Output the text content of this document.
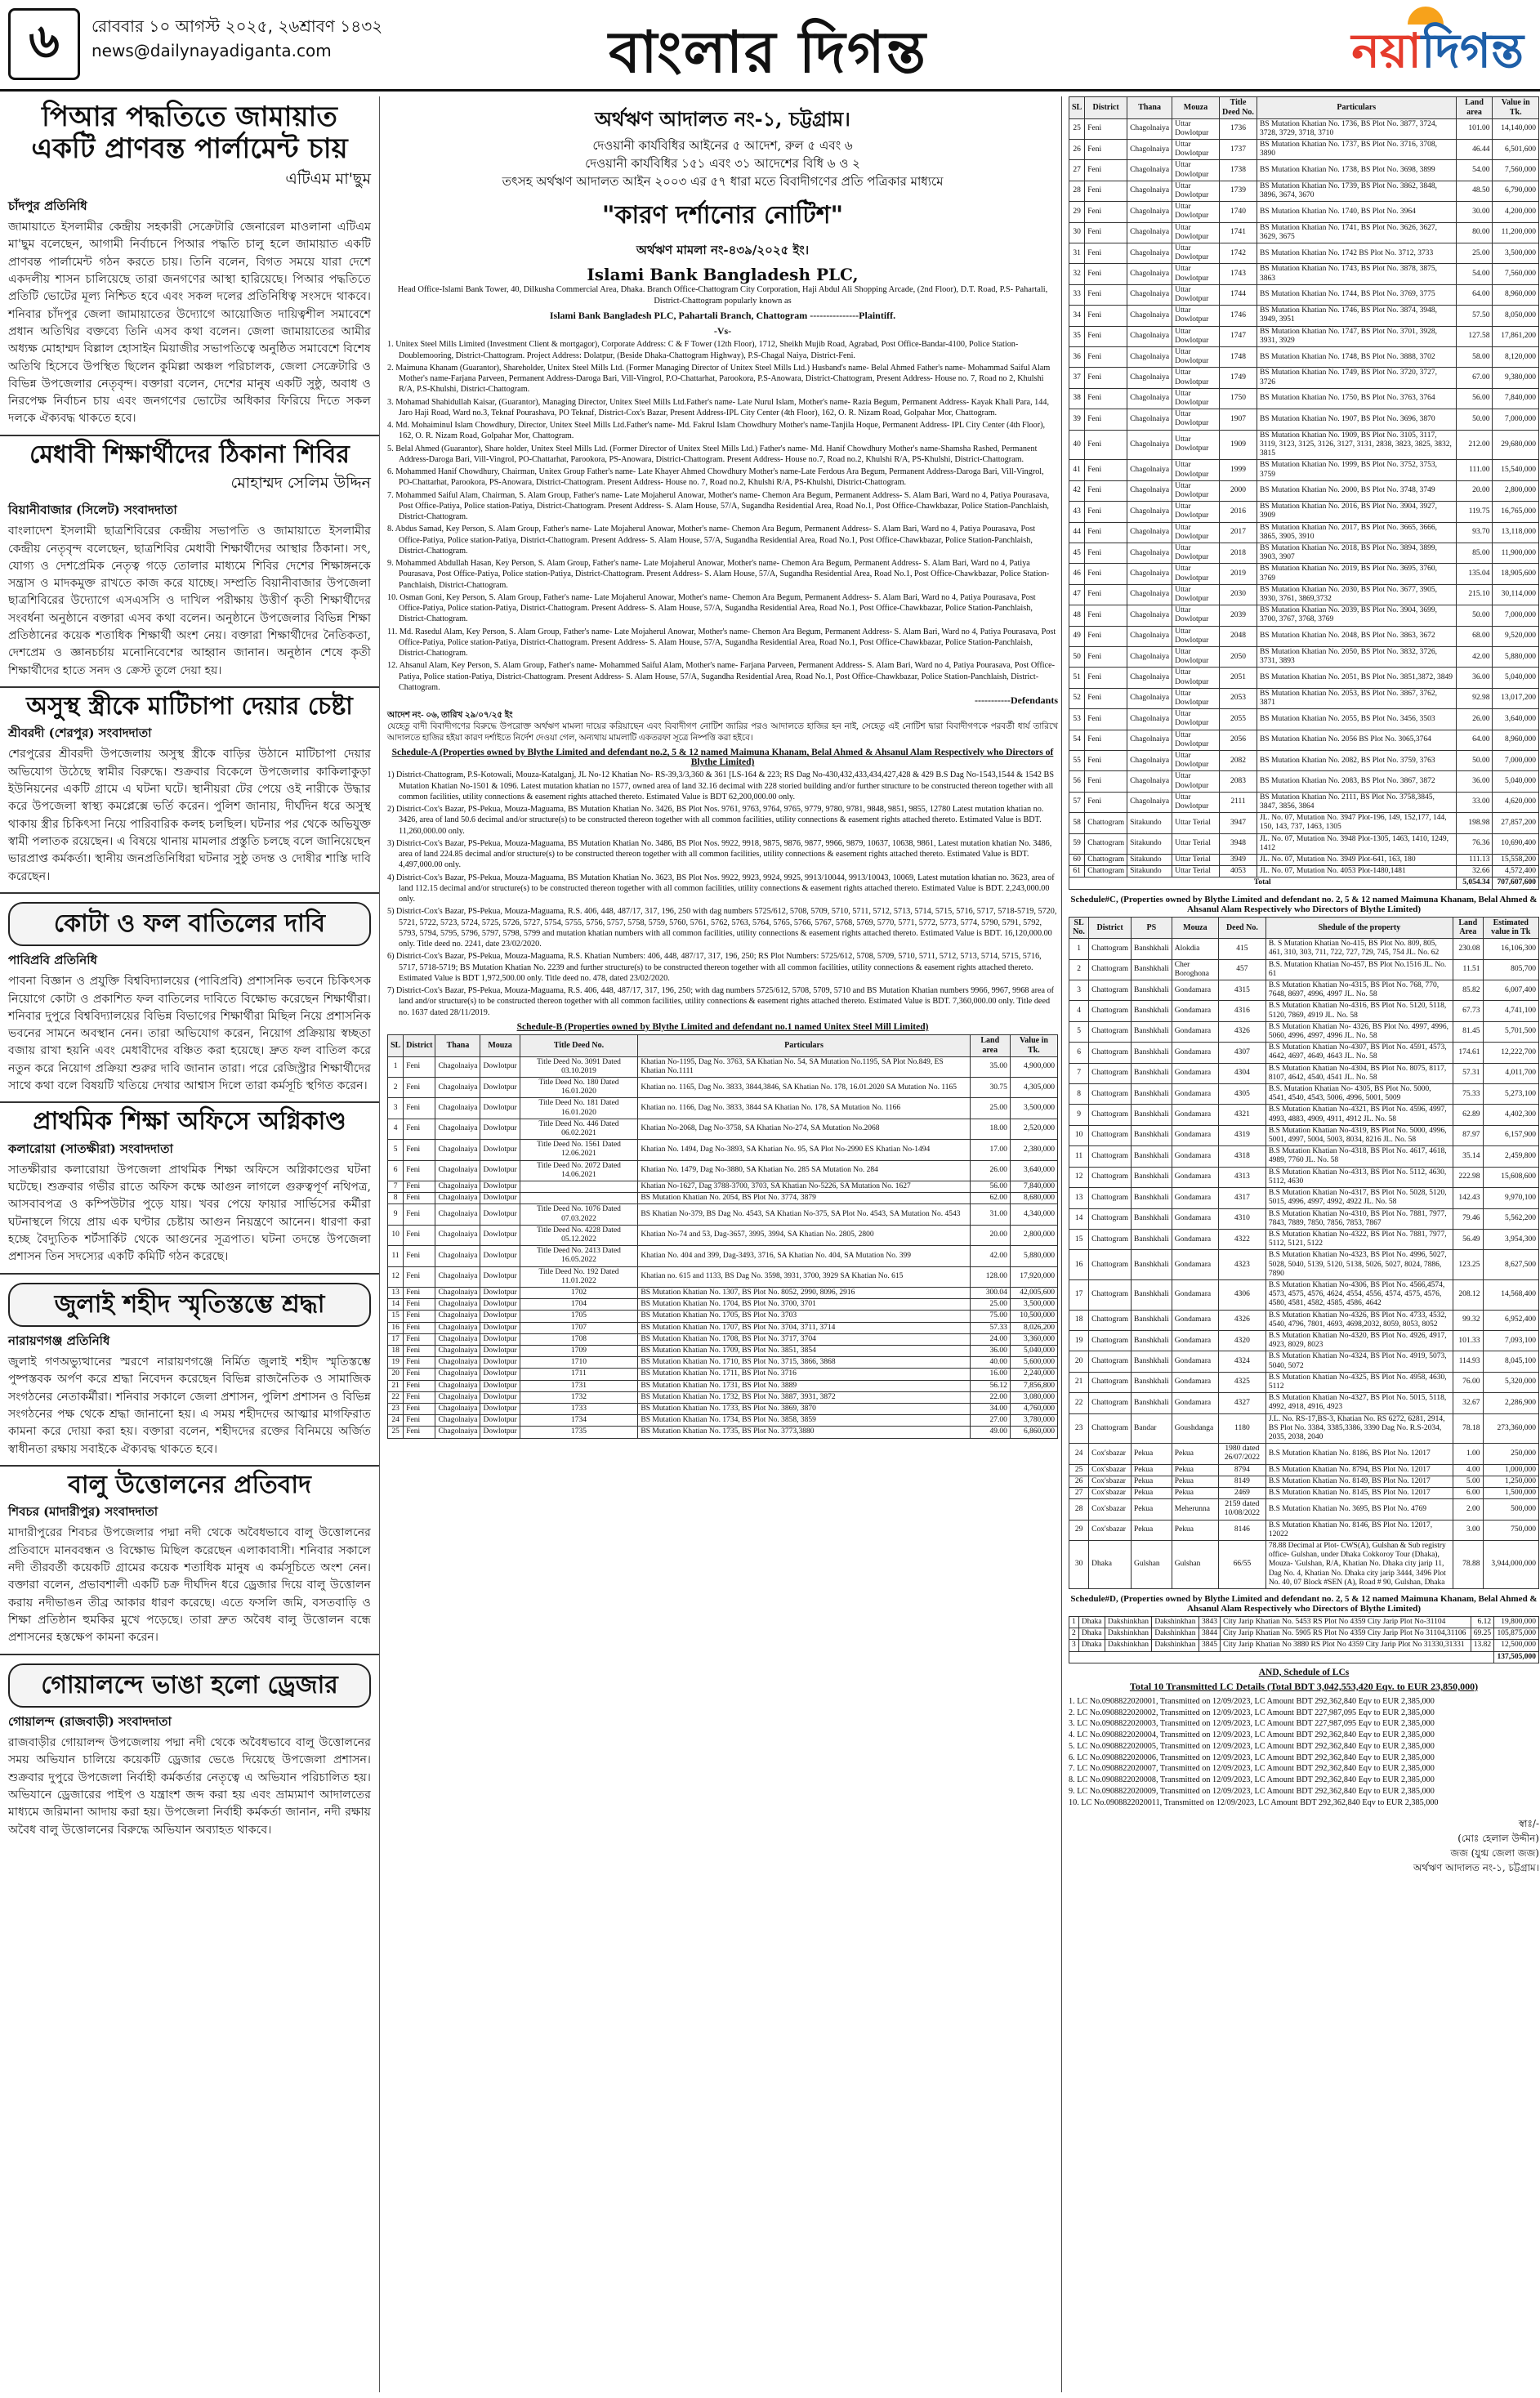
৬	রোববার ১০ আগস্ট ২০২৫, ২৬শ্রাবণ ১৪৩২
news@dailynayadiganta.com	বাংলার দিগন্ত	নয়াদিগন্ত
পিআর পদ্ধতিতে জামায়াত একটি প্রাণবন্ত পার্লামেন্ট চায়
এটিএম মা'ছুম
চাঁদপুর প্রতিনিধি
জামায়াতে ইসলামীর কেন্দ্রীয় সহকারী সেক্রেটারি জেনারেল মাওলানা এটিএম মা'ছুম বলেছেন, আগামী নির্বাচনে পিআর পদ্ধতি চালু হলে জামায়াত একটি প্রাণবন্ত পার্লামেন্ট গঠন করতে চায়। তিনি বলেন, বিগত সময়ে যারা দেশে একদলীয় শাসন চালিয়েছে তারা জনগণের আস্থা হারিয়েছে। পিআর পদ্ধতিতে প্রতিটি ভোটের মূল্য নিশ্চিত হবে এবং সকল দলের প্রতিনিধিত্ব সংসদে থাকবে। শনিবার চাঁদপুর জেলা জামায়াতের উদ্যোগে আয়োজিত দায়িত্বশীল সমাবেশে প্রধান অতিথির বক্তব্যে তিনি এসব কথা বলেন। জেলা জামায়াতের আমীর অধ্যক্ষ মোহাম্মদ বিল্লাল হোসাইন মিয়াজীর সভাপতিত্বে অনুষ্ঠিত সমাবেশে বিশেষ অতিথি হিসেবে উপস্থিত ছিলেন কুমিল্লা অঞ্চল পরিচালক, জেলা সেক্রেটারি ও বিভিন্ন উপজেলার নেতৃবৃন্দ। বক্তারা বলেন, দেশের মানুষ একটি সুষ্ঠু, অবাধ ও নিরপেক্ষ নির্বাচন চায় এবং জনগণের ভোটের অধিকার ফিরিয়ে দিতে সকল দলকে ঐক্যবদ্ধ থাকতে হবে।
মেধাবী শিক্ষার্থীদের ঠিকানা শিবির
মোহাম্মদ সেলিম উদ্দিন
বিয়ানীবাজার (সিলেট) সংবাদদাতা
বাংলাদেশ ইসলামী ছাত্রশিবিরের কেন্দ্রীয় সভাপতি ও জামায়াতে ইসলামীর কেন্দ্রীয় নেতৃবৃন্দ বলেছেন, ছাত্রশিবির মেধাবী শিক্ষার্থীদের আস্থার ঠিকানা। সৎ, যোগ্য ও দেশপ্রেমিক নেতৃত্ব গড়ে তোলার মাধ্যমে শিবির দেশের শিক্ষাঙ্গনকে সন্ত্রাস ও মাদকমুক্ত রাখতে কাজ করে যাচ্ছে। সম্প্রতি বিয়ানীবাজার উপজেলা ছাত্রশিবিরের উদ্যোগে এসএসসি ও দাখিল পরীক্ষায় উত্তীর্ণ কৃতী শিক্ষার্থীদের সংবর্ধনা অনুষ্ঠানে বক্তারা এসব কথা বলেন। অনুষ্ঠানে উপজেলার বিভিন্ন শিক্ষা প্রতিষ্ঠানের কয়েক শতাধিক শিক্ষার্থী অংশ নেয়। বক্তারা শিক্ষার্থীদের নৈতিকতা, দেশপ্রেম ও জ্ঞানচর্চায় মনোনিবেশের আহ্বান জানান। অনুষ্ঠান শেষে কৃতী শিক্ষার্থীদের হাতে সনদ ও ক্রেস্ট তুলে দেয়া হয়।
অসুস্থ স্ত্রীকে মাটিচাপা দেয়ার চেষ্টা
শ্রীবরদী (শেরপুর) সংবাদদাতা
শেরপুরের শ্রীবরদী উপজেলায় অসুস্থ স্ত্রীকে বাড়ির উঠানে মাটিচাপা দেয়ার অভিযোগ উঠেছে স্বামীর বিরুদ্ধে। শুক্রবার বিকেলে উপজেলার কাকিলাকুড়া ইউনিয়নের একটি গ্রামে এ ঘটনা ঘটে। স্থানীয়রা টের পেয়ে ওই নারীকে উদ্ধার করে উপজেলা স্বাস্থ্য কমপ্লেক্সে ভর্তি করেন। পুলিশ জানায়, দীর্ঘদিন ধরে অসুস্থ থাকায় স্ত্রীর চিকিৎসা নিয়ে পারিবারিক কলহ চলছিল। ঘটনার পর থেকে অভিযুক্ত স্বামী পলাতক রয়েছেন। এ বিষয়ে থানায় মামলার প্রস্তুতি চলছে বলে জানিয়েছেন ভারপ্রাপ্ত কর্মকর্তা। স্থানীয় জনপ্রতিনিধিরা ঘটনার সুষ্ঠু তদন্ত ও দোষীর শাস্তি দাবি করেছেন।
কোটা ও ফল বাতিলের দাবি
পাবিপ্রবি প্রতিনিধি
পাবনা বিজ্ঞান ও প্রযুক্তি বিশ্ববিদ্যালয়ের (পাবিপ্রবি) প্রশাসনিক ভবনে চিকিৎসক নিয়োগে কোটা ও প্রকাশিত ফল বাতিলের দাবিতে বিক্ষোভ করেছেন শিক্ষার্থীরা। শনিবার দুপুরে বিশ্ববিদ্যালয়ের বিভিন্ন বিভাগের শিক্ষার্থীরা মিছিল নিয়ে প্রশাসনিক ভবনের সামনে অবস্থান নেন। তারা অভিযোগ করেন, নিয়োগ প্রক্রিয়ায় স্বচ্ছতা বজায় রাখা হয়নি এবং মেধাবীদের বঞ্চিত করা হয়েছে। দ্রুত ফল বাতিল করে নতুন করে নিয়োগ প্রক্রিয়া শুরুর দাবি জানান তারা। পরে রেজিস্ট্রার শিক্ষার্থীদের সাথে কথা বলে বিষয়টি খতিয়ে দেখার আশ্বাস দিলে তারা কর্মসূচি স্থগিত করেন।
প্রাথমিক শিক্ষা অফিসে অগ্নিকাণ্ড
কলারোয়া (সাতক্ষীরা) সংবাদদাতা
সাতক্ষীরার কলারোয়া উপজেলা প্রাথমিক শিক্ষা অফিসে অগ্নিকাণ্ডের ঘটনা ঘটেছে। শুক্রবার গভীর রাতে অফিস কক্ষে আগুন লাগলে গুরুত্বপূর্ণ নথিপত্র, আসবাবপত্র ও কম্পিউটার পুড়ে যায়। খবর পেয়ে ফায়ার সার্ভিসের কর্মীরা ঘটনাস্থলে গিয়ে প্রায় এক ঘণ্টার চেষ্টায় আগুন নিয়ন্ত্রণে আনেন। ধারণা করা হচ্ছে বৈদ্যুতিক শর্টসার্কিট থেকে আগুনের সূত্রপাত। ঘটনা তদন্তে উপজেলা প্রশাসন তিন সদস্যের একটি কমিটি গঠন করেছে।
জুলাই শহীদ স্মৃতিস্তম্ভে শ্রদ্ধা
নারায়ণগঞ্জ প্রতিনিধি
জুলাই গণঅভ্যুত্থানের স্মরণে নারায়ণগঞ্জে নির্মিত জুলাই শহীদ স্মৃতিস্তম্ভে পুষ্পস্তবক অর্পণ করে শ্রদ্ধা নিবেদন করেছেন বিভিন্ন রাজনৈতিক ও সামাজিক সংগঠনের নেতাকর্মীরা। শনিবার সকালে জেলা প্রশাসন, পুলিশ প্রশাসন ও বিভিন্ন সংগঠনের পক্ষ থেকে শ্রদ্ধা জানানো হয়। এ সময় শহীদদের আত্মার মাগফিরাত কামনা করে দোয়া করা হয়। বক্তারা বলেন, শহীদদের রক্তের বিনিময়ে অর্জিত স্বাধীনতা রক্ষায় সবাইকে ঐক্যবদ্ধ থাকতে হবে।
বালু উত্তোলনের প্রতিবাদ
শিবচর (মাদারীপুর) সংবাদদাতা
মাদারীপুরের শিবচর উপজেলার পদ্মা নদী থেকে অবৈধভাবে বালু উত্তোলনের প্রতিবাদে মানববন্ধন ও বিক্ষোভ মিছিল করেছেন এলাকাবাসী। শনিবার সকালে নদী তীরবর্তী কয়েকটি গ্রামের কয়েক শতাধিক মানুষ এ কর্মসূচিতে অংশ নেন। বক্তারা বলেন, প্রভাবশালী একটি চক্র দীর্ঘদিন ধরে ড্রেজার দিয়ে বালু উত্তোলন করায় নদীভাঙন তীব্র আকার ধারণ করেছে। এতে ফসলি জমি, বসতবাড়ি ও শিক্ষা প্রতিষ্ঠান হুমকির মুখে পড়েছে। তারা দ্রুত অবৈধ বালু উত্তোলন বন্ধে প্রশাসনের হস্তক্ষেপ কামনা করেন।
গোয়ালন্দে ভাঙা হলো ড্রেজার
গোয়ালন্দ (রাজবাড়ী) সংবাদদাতা
রাজবাড়ীর গোয়ালন্দ উপজেলায় পদ্মা নদী থেকে অবৈধভাবে বালু উত্তোলনের সময় অভিযান চালিয়ে কয়েকটি ড্রেজার ভেঙে দিয়েছে উপজেলা প্রশাসন। শুক্রবার দুপুরে উপজেলা নির্বাহী কর্মকর্তার নেতৃত্বে এ অভিযান পরিচালিত হয়। অভিযানে ড্রেজারের পাইপ ও যন্ত্রাংশ জব্দ করা হয় এবং ভ্রাম্যমাণ আদালতের মাধ্যমে জরিমানা আদায় করা হয়। উপজেলা নির্বাহী কর্মকর্তা জানান, নদী রক্ষায় অবৈধ বালু উত্তোলনের বিরুদ্ধে অভিযান অব্যাহত থাকবে।
অর্থঋণ আদালত নং-১, চট্টগ্রাম।
দেওয়ানী কার্যবিধির আইনের ৫ আদেশ, রুল ৫ এবং ৬
দেওয়ানী কার্যবিধির ১৫১ এবং ৩১ আদেশের বিধি ৬ ও ২
তৎসহ অর্থঋণ আদালত আইন ২০০৩ এর ৫৭ ধারা মতে বিবাদীগণের প্রতি পত্রিকার মাধ্যমে
"কারণ দর্শানোর নোটিশ"
অর্থঋণ মামলা নং-৪৩৯/২০২৫ ইং।
Islami Bank Bangladesh PLC,
Head Office-Islami Bank Tower, 40, Dilkusha Commercial Area, Dhaka. Branch Office-Chattogram City Corporation, Haji Abdul Ali Shopping Arcade, (2nd Floor), D.T. Road, P.S- Pahartali, District-Chattogram popularly known as
Islami Bank Bangladesh PLC, Pahartali Branch, Chattogram ---------------Plaintiff.
-Vs-
1. Unitex Steel Mills Limited (Investment Client & mortgagor), Corporate Address: C & F Tower (12th Floor), 1712, Sheikh Mujib Road, Agrabad, Post Office-Bandar-4100, Police Station-Doublemooring, District-Chattogram. Project Address: Dolatpur, (Beside Dhaka-Chattogram Highway), P.S-Chagal Naiya, District-Feni.
2. Maimuna Khanam (Guarantor), Shareholder, Unitex Steel Mills Ltd. (Former Managing Director of Unitex Steel Mills Ltd.) Husband's name- Belal Ahmed Father's name- Mohammad Saiful Alam Mother's name-Farjana Parveen, Permanent Address-Daroga Bari, Vill-Vingrol, P.O-Chattarhat, Parookora, P.S-Anowara, District-Chattogram, Present Address- House no. 7, Road no 2, Khulshi R/A, P.S-Khulshi, District-Chattogram.
3. Mohamad Shahidullah Kaisar, (Guarantor), Managing Director, Unitex Steel Mills Ltd.Father's name- Late Nurul Islam, Mother's name- Razia Begum, Permanent Address- Kayak Khali Para, 144, Jaro Haji Road, Ward no.3, Teknaf Pourashava, PO Teknaf, District-Cox's Bazar, Present Address-IPL City Center (4th Floor), 162, O. R. Nizam Road, Golpahar Mor, Chattogram.
4. Md. Mohaiminul Islam Chowdhury, Director, Unitex Steel Mills Ltd.Father's name- Md. Fakrul Islam Chowdhury Mother's name-Tanjila Hoque, Permanent Address- IPL City Center (4th Floor), 162, O. R. Nizam Road, Golpahar Mor, Chattogram.
5. Belal Ahmed (Guarantor), Share holder, Unitex Steel Mills Ltd. (Former Director of Unitex Steel Mills Ltd.) Father's name- Md. Hanif Chowdhury Mother's name-Shamsha Rashed, Permanent Address-Daroga Bari, Vill-Vingrol, PO-Chattarhat, Parookora, PS-Anowara, District-Chattogram. Present Address- House no.7, Road no.2, Khulshi R/A, PS-Khulshi, District-Chattogram.
6. Mohammed Hanif Chowdhury, Chairman, Unitex Group Father's name- Late Khayer Ahmed Chowdhury Mother's name-Late Ferdous Ara Begum, Permanent Address-Daroga Bari, Vill-Vingrol, PO-Chattarhat, Parookora, PS-Anowara, District-Chattogram. Present Address- House no. 7, Road no.2, Khulshi R/A, PS-Khulshi, District-Chattogram.
7. Mohammed Saiful Alam, Chairman, S. Alam Group, Father's name- Late Mojaherul Anowar, Mother's name- Chemon Ara Begum, Permanent Address- S. Alam Bari, Ward no 4, Patiya Pourasava, Post Office-Patiya, Police station-Patiya, District-Chattogram. Present Address- S. Alam House, 57/A, Sugandha Residential Area, Road No.1, Post Office-Chawkbazar, Police Station-Panchlaish, District-Chattogram.
8. Abdus Samad, Key Person, S. Alam Group, Father's name- Late Mojaherul Anowar, Mother's name- Chemon Ara Begum, Permanent Address- S. Alam Bari, Ward no 4, Patiya Pourasava, Post Office-Patiya, Police station-Patiya, District-Chattogram. Present Address- S. Alam House, 57/A, Sugandha Residential Area, Road No.1, Post Office-Chawkbazar, Police Station-Panchlaish, District-Chattogram.
9. Mohammed Abdullah Hasan, Key Person, S. Alam Group, Father's name- Late Mojaherul Anowar, Mother's name- Chemon Ara Begum, Permanent Address- S. Alam Bari, Ward no 4, Patiya Pourasava, Post Office-Patiya, Police station-Patiya, District-Chattogram. Present Address- S. Alam House, 57/A, Sugandha Residential Area, Road No.1, Post Office-Chawkbazar, Police Station-Panchlaish, District-Chattogram.
10. Osman Goni, Key Person, S. Alam Group, Father's name- Late Mojaherul Anowar, Mother's name- Chemon Ara Begum, Permanent Address- S. Alam Bari, Ward no 4, Patiya Pourasava, Post Office-Patiya, Police station-Patiya, District-Chattogram. Present Address- S. Alam House, 57/A, Sugandha Residential Area, Road No.1, Post Office-Chawkbazar, Police Station-Panchlaish, District-Chattogram.
11. Md. Rasedul Alam, Key Person, S. Alam Group, Father's name- Late Mojaherul Anowar, Mother's name- Chemon Ara Begum, Permanent Address- S. Alam Bari, Ward no 4, Patiya Pourasava, Post Office-Patiya, Police station-Patiya, District-Chattogram. Present Address- S. Alam House, 57/A, Sugandha Residential Area, Road No.1, Post Office-Chawkbazar, Police Station-Panchlaish, District-Chattogram.
12. Ahsanul Alam, Key Person, S. Alam Group, Father's name- Mohammed Saiful Alam, Mother's name- Farjana Parveen, Permanent Address- S. Alam Bari, Ward no 4, Patiya Pourasava, Post Office-Patiya, Police station-Patiya, District-Chattogram. Present Address- S. Alam House, 57/A, Sugandha Residential Area, Road No.1, Post Office-Chawkbazar, Police Station-Panchlaish, District-Chattogram.
-----------Defendants
আদেশ নং- ০৬, তারিখ ২৯/০৭/২৫ ইং
যেহেতু বাদী বিবাদীগণের বিরুদ্ধে উপরোক্ত অর্থঋণ মামলা দায়ের করিয়াছেন এবং বিবাদীগণ নোটিশ জারির পরও আদালতে হাজির হন নাই, সেহেতু এই নোটিশ দ্বারা বিবাদীগণকে পরবর্তী ধার্য তারিখে আদালতে হাজির হইয়া কারণ দর্শাইতে নির্দেশ দেওয়া গেল, অন্যথায় মামলাটি একতরফা সূত্রে নিষ্পত্তি করা হইবে।
Schedule-A (Properties owned by Blythe Limited and defendant no.2, 5 & 12 named Maimuna Khanam, Belal Ahmed & Ahsanul Alam Respectively who Directors of Blythe Limited)
1) District-Chattogram, P.S-Kotowali, Mouza-Katalganj, JL No-12 Khatian No- RS-39,3/3,360 & 361 [LS-164 & 223; RS Dag No-430,432,433,434,427,428 & 429 B.S Dag No-1543,1544 & 1542 BS Mutation Khatian No-1501 & 1096. Latest mutation khatian no 1577, owned area of land 32.16 decimal with 228 storied building and/or further structure to be constructed thereon together with all common facilities, utility connections & easement rights attached thereto. Estimated Value is BDT 62,200,000.00 only.
2) District-Cox's Bazar, PS-Pekua, Mouza-Maguama, BS Mutation Khatian No. 3426, BS Plot Nos. 9761, 9763, 9764, 9765, 9779, 9780, 9781, 9848, 9851, 9855, 12780 Latest mutation khatian no. 3426, area of land 50.6 decimal and/or structure(s) to be constructed thereon together with all common facilities, utility connections & easement rights attached thereto. Estimated Value is BDT. 11,260,000.00 only.
3) District-Cox's Bazar, PS-Pekua, Mouza-Maguama, BS Mutation Khatian No. 3486, BS Plot Nos. 9922, 9918, 9875, 9876, 9877, 9966, 9879, 10637, 10638, 9861, Latest mutation khatian No. 3486, area of land 224.85 decimal and/or structure(s) to be constructed thereon together with all common facilities, utility connections & easement rights attached thereto. Estimated Value is BDT. 4,497,000.00 only.
4) District-Cox's Bazar, PS-Pekua, Mouza-Maguama, BS Mutation Khatian No. 3623, BS Plot Nos. 9922, 9923, 9924, 9925, 9913/10044, 9913/10043, 10069, Latest mutation khatian no. 3623, area of land 112.15 decimal and/or structure(s) to be constructed thereon together with all common facilities, utility connections & easement rights attached thereto. Estimated Value is BDT. 2,243,000.00 only.
5) District-Cox's Bazar, PS-Pekua, Mouza-Maguama, R.S. 406, 448, 487/17, 317, 196, 250 with dag numbers 5725/612, 5708, 5709, 5710, 5711, 5712, 5713, 5714, 5715, 5716, 5717, 5718-5719, 5720, 5721, 5722, 5723, 5724, 5725, 5726, 5727, 5754, 5755, 5756, 5757, 5758, 5759, 5760, 5761, 5762, 5763, 5764, 5765, 5766, 5767, 5768, 5769, 5770, 5771, 5772, 5773, 5774, 5790, 5791, 5792, 5793, 5794, 5795, 5796, 5797, 5798, 5799 and mutation khatian numbers with all common facilities, utility connections & easement rights attached thereto. Estimated Value is BDT. 16,120,000.00 only. Title deed no. 2241, date 23/02/2020.
6) District-Cox's Bazar, PS-Pekua, Mouza-Maguama, R.S. Khatian Numbers: 406, 448, 487/17, 317, 196, 250; RS Plot Numbers: 5725/612, 5708, 5709, 5710, 5711, 5712, 5713, 5714, 5715, 5716, 5717, 5718-5719; BS Mutation Khatian No. 2239 and further structure(s) to be constructed thereon together with all common facilities, utility connections & easement rights attached thereto. Estimated Value is BDT 1,972,500.00 only. Title deed no. 478, dated 23/02/2020.
7) District-Cox's Bazar, PS-Pekua, Mouza-Maguama, R.S. 406, 448, 487/17, 317, 196, 250; with dag numbers 5725/612, 5708, 5709, 5710 and BS Mutation Khatian numbers 9966, 9967, 9968 area of land and/or structure(s) to be constructed thereon together with all common facilities, utility connections & easement rights attached thereto. Estimated Value is BDT. 7,360,000.00 only. Title deed no. 1637 dated 28/11/2019.
Schedule-B (Properties owned by Blythe Limited and defendant no.1 named Unitex Steel Mill Limited)
SL	District	Thana	Mouza	Title Deed No.	Particulars	Land area	Value in Tk.
1	Feni	Chagolnaiya	Dowlotpur	Title Deed No. 3091 Dated 03.10.2019	Khatian No-1195, Dag No. 3763, SA Khatian No. 54, SA Mutation No.1195, SA Plot No.849, ES Khatian No.1111	35.00	4,900,000
2	Feni	Chagolnaiya	Dowlotpur	Title Deed No. 180 Dated 16.01.2020	Khatian no. 1165, Dag No. 3833, 3844,3846, SA Khatian No. 178, 16.01.2020 SA Mutation No. 1165	30.75	4,305,000
3	Feni	Chagolnaiya	Dowlotpur	Title Deed No. 181 Dated 16.01.2020	Khatian no. 1166, Dag No. 3833, 3844 SA Khatian No. 178, SA Mutation No. 1166	25.00	3,500,000
4	Feni	Chagolnaiya	Dowlotpur	Title Deed No. 446 Dated 06.02.2021	Khatian No-2068, Dag No-3758, SA Khatian No-274, SA Mutation No.2068	18.00	2,520,000
5	Feni	Chagolnaiya	Dowlotpur	Title Deed No. 1561 Dated 12.06.2021	Khatian No. 1494, Dag No-3893, SA Khatian No. 95, SA Plot No-2990 ES Khatian No-1494	17.00	2,380,000
6	Feni	Chagolnaiya	Dowlotpur	Title Deed No. 2072 Dated 14.06.2021	Khatian No. 1479, Dag No-3880, SA Khatian No. 285 SA Mutation No. 284	26.00	3,640,000
7	Feni	Chagolnaiya	Dowlotpur		Khatian No-1627, Dag 3788-3700, 3703, SA Khatian No-5226, SA Mutation No. 1627	56.00	7,840,000
8	Feni	Chagolnaiya	Dowlotpur		BS Mutation Khatian No. 2054, BS Plot No. 3774, 3879	62.00	8,680,000
9	Feni	Chagolnaiya	Dowlotpur	Title Deed No. 1076 Dated 07.03.2022	BS Khatian No-379, BS Dag No. 4543, SA Khatian No-375, SA Plot No. 4543, SA Mutation No. 4543	31.00	4,340,000
10	Feni	Chagolnaiya	Dowlotpur	Title Deed No. 4228 Dated 05.12.2022	Khatian No-74 and 53, Dag-3657, 3995, 3994, SA Khatian No. 2805, 2800	20.00	2,800,000
11	Feni	Chagolnaiya	Dowlotpur	Title Deed No. 2413 Dated 16.05.2022	Khatian No. 404 and 399, Dag-3493, 3716, SA Khatian No. 404, SA Mutation No. 399	42.00	5,880,000
12	Feni	Chagolnaiya	Dowlotpur	Title Deed No. 192 Dated 11.01.2022	Khatian no. 615 and 1133, BS Dag No. 3598, 3931, 3700, 3929 SA Khatian No. 615	128.00	17,920,000
13	Feni	Chagolnaiya	Dowlotpur	1702	BS Mutation Khatian No. 1307, BS Plot No. 8052, 2990, 8096, 2916	300.04	42,005,600
14	Feni	Chagolnaiya	Dowlotpur	1704	BS Mutation Khatian No. 1704, BS Plot No. 3700, 3701	25.00	3,500,000
15	Feni	Chagolnaiya	Dowlotpur	1705	BS Mutation Khatian No. 1705, BS Plot No. 3703	75.00	10,500,000
16	Feni	Chagolnaiya	Dowlotpur	1707	BS Mutation Khatian No. 1707, BS Plot No. 3704, 3711, 3714	57.33	8,026,200
17	Feni	Chagolnaiya	Dowlotpur	1708	BS Mutation Khatian No. 1708, BS Plot No. 3717, 3704	24.00	3,360,000
18	Feni	Chagolnaiya	Dowlotpur	1709	BS Mutation Khatian No. 1709, BS Plot No. 3851, 3854	36.00	5,040,000
19	Feni	Chagolnaiya	Dowlotpur	1710	BS Mutation Khatian No. 1710, BS Plot No. 3715, 3866, 3868	40.00	5,600,000
20	Feni	Chagolnaiya	Dowlotpur	1711	BS Mutation Khatian No. 1711, BS Plot No. 3716	16.00	2,240,000
21	Feni	Chagolnaiya	Dowlotpur	1731	BS Mutation Khatian No. 1731, BS Plot No. 3889	56.12	7,856,800
22	Feni	Chagolnaiya	Dowlotpur	1732	BS Mutation Khatian No. 1732, BS Plot No. 3887, 3931, 3872	22.00	3,080,000
23	Feni	Chagolnaiya	Dowlotpur	1733	BS Mutation Khatian No. 1733, BS Plot No. 3869, 3870	34.00	4,760,000
24	Feni	Chagolnaiya	Dowlotpur	1734	BS Mutation Khatian No. 1734, BS Plot No. 3858, 3859	27.00	3,780,000
25	Feni	Chagolnaiya	Dowlotpur	1735	BS Mutation Khatian No. 1735, BS Plot No. 3773,3880	49.00	6,860,000
SL	District	Thana	Mouza	Title Deed No.	Particulars	Land area	Value in Tk.
25	Feni	Chagolnaiya	Uttar Dowlotpur	1736	BS Mutation Khatian No. 1736, BS Plot No. 3877, 3724, 3728, 3729, 3718, 3710	101.00	14,140,000
26	Feni	Chagolnaiya	Uttar Dowlotpur	1737	BS Mutation Khatian No. 1737, BS Plot No. 3716, 3708, 3890	46.44	6,501,600
27	Feni	Chagolnaiya	Uttar Dowlotpur	1738	BS Mutation Khatian No. 1738, BS Plot No. 3698, 3899	54.00	7,560,000
28	Feni	Chagolnaiya	Uttar Dowlotpur	1739	BS Mutation Khatian No. 1739, BS Plot No. 3862, 3848, 3896, 3674, 3670	48.50	6,790,000
29	Feni	Chagolnaiya	Uttar Dowlotpur	1740	BS Mutation Khatian No. 1740, BS Plot No. 3964	30.00	4,200,000
30	Feni	Chagolnaiya	Uttar Dowlotpur	1741	BS Mutation Khatian No. 1741, BS Plot No. 3626, 3627, 3629, 3675	80.00	11,200,000
31	Feni	Chagolnaiya	Uttar Dowlotpur	1742	BS Mutation Khatian No. 1742 BS Plot No. 3712, 3733	25.00	3,500,000
32	Feni	Chagolnaiya	Uttar Dowlotpur	1743	BS Mutation Khatian No. 1743, BS Plot No. 3878, 3875, 3863	54.00	7,560,000
33	Feni	Chagolnaiya	Uttar Dowlotpur	1744	BS Mutation Khatian No. 1744, BS Plot No. 3769, 3775	64.00	8,960,000
34	Feni	Chagolnaiya	Uttar Dowlotpur	1746	BS Mutation Khatian No. 1746, BS Plot No. 3874, 3948, 3949, 3951	57.50	8,050,000
35	Feni	Chagolnaiya	Uttar Dowlotpur	1747	BS Mutation Khatian No. 1747, BS Plot No. 3701, 3928, 3931, 3929	127.58	17,861,200
36	Feni	Chagolnaiya	Uttar Dowlotpur	1748	BS Mutation Khatian No. 1748, BS Plot No. 3888, 3702	58.00	8,120,000
37	Feni	Chagolnaiya	Uttar Dowlotpur	1749	BS Mutation Khatian No. 1749, BS Plot No. 3720, 3727, 3726	67.00	9,380,000
38	Feni	Chagolnaiya	Uttar Dowlotpur	1750	BS Mutation Khatian No. 1750, BS Plot No. 3763, 3764	56.00	7,840,000
39	Feni	Chagolnaiya	Uttar Dowlotpur	1907	BS Mutation Khatian No. 1907, BS Plot No. 3696, 3870	50.00	7,000,000
40	Feni	Chagolnaiya	Uttar Dowlotpur	1909	BS Mutation Khatian No. 1909, BS Plot No. 3105, 3117, 3119, 3123, 3125, 3126, 3127, 3131, 2838, 3823, 3825, 3832, 3815	212.00	29,680,000
41	Feni	Chagolnaiya	Uttar Dowlotpur	1999	BS Mutation Khatian No. 1999, BS Plot No. 3752, 3753, 3759	111.00	15,540,000
42	Feni	Chagolnaiya	Uttar Dowlotpur	2000	BS Mutation Khatian No. 2000, BS Plot No. 3748, 3749	20.00	2,800,000
43	Feni	Chagolnaiya	Uttar Dowlotpur	2016	BS Mutation Khatian No. 2016, BS Plot No. 3904, 3927, 3909	119.75	16,765,000
44	Feni	Chagolnaiya	Uttar Dowlotpur	2017	BS Mutation Khatian No. 2017, BS Plot No. 3665, 3666, 3865, 3905, 3910	93.70	13,118,000
45	Feni	Chagolnaiya	Uttar Dowlotpur	2018	BS Mutation Khatian No. 2018, BS Plot No. 3894, 3899, 3903, 3907	85.00	11,900,000
46	Feni	Chagolnaiya	Uttar Dowlotpur	2019	BS Mutation Khatian No. 2019, BS Plot No. 3695, 3760, 3769	135.04	18,905,600
47	Feni	Chagolnaiya	Uttar Dowlotpur	2030	BS Mutation Khatian No. 2030, BS Plot No. 3677, 3905, 3930, 3761, 3869,3732	215.10	30,114,000
48	Feni	Chagolnaiya	Uttar Dowlotpur	2039	BS Mutation Khatian No. 2039, BS Plot No. 3904, 3699, 3700, 3767, 3768, 3769	50.00	7,000,000
49	Feni	Chagolnaiya	Uttar Dowlotpur	2048	BS Mutation Khatian No. 2048, BS Plot No. 3863, 3672	68.00	9,520,000
50	Feni	Chagolnaiya	Uttar Dowlotpur	2050	BS Mutation Khatian No. 2050, BS Plot No. 3832, 3726, 3731, 3893	42.00	5,880,000
51	Feni	Chagolnaiya	Uttar Dowlotpur	2051	BS Mutation Khatian No. 2051, BS Plot No. 3851,3872, 3849	36.00	5,040,000
52	Feni	Chagolnaiya	Uttar Dowlotpur	2053	BS Mutation Khatian No. 2053, BS Plot No. 3867, 3762, 3871	92.98	13,017,200
53	Feni	Chagolnaiya	Uttar Dowlotpur	2055	BS Mutation Khatian No. 2055, BS Plot No. 3456, 3503	26.00	3,640,000
54	Feni	Chagolnaiya	Uttar Dowlotpur	2056	BS Mutation Khatian No. 2056 BS Plot No. 3065,3764	64.00	8,960,000
55	Feni	Chagolnaiya	Uttar Dowlotpur	2082	BS Mutation Khatian No. 2082, BS Plot No. 3759, 3763	50.00	7,000,000
56	Feni	Chagolnaiya	Uttar Dowlotpur	2083	BS Mutation Khatian No. 2083, BS Plot No. 3867, 3872	36.00	5,040,000
57	Feni	Chagolnaiya	Uttar Dowlotpur	2111	BS Mutation Khatian No. 2111, BS Plot No. 3758,3845, 3847, 3856, 3864	33.00	4,620,000
58	Chattogram	Sitakundo	Uttar Terial	3947	JL. No. 07, Mutation No. 3947 Plot-196, 149, 152,177, 144, 150, 143, 737, 1463, 1305	198.98	27,857,200
59	Chattogram	Sitakundo	Uttar Terial	3948	JL. No. 07, Mutation No. 3948 Plot-1305, 1463, 1410, 1249, 1412	76.36	10,690,400
60	Chattogram	Sitakundo	Uttar Terial	3949	JL. No. 07, Mutation No. 3949 Plot-641, 163, 180	111.13	15,558,200
61	Chattogram	Sitakundo	Uttar Terial	4053	JL. No. 07, Mutation No. 4053 Plot-1480,1481	32.66	4,572,400
Total						5,054.34	707,607,600
Schedule#C, (Properties owned by Blythe Limited and defendant no. 2, 5 & 12 named Maimuna Khanam, Belal Ahmed & Ahsanul Alam Respectively who Directors of Blythe Limited)
SL No.	District	PS	Mouza	Deed No.	Shedule of the property	Land Area	Estimated value in Tk
1	Chattogram	Banshkhali	Alokdia	415	B. S Mutation Khatian No-415, BS Plot No. 809, 805, 461, 310, 303, 711, 722, 727, 729, 745, 754 JL. No. 62	230.08	16,106,300
2	Chattogram	Banshkhali	Cher Boroghona	457	B.S. Mutation Khatian No-457, BS Plot No.1516 JL. No. 61	11.51	805,700
3	Chattogram	Banshkhali	Gondamara	4315	B.S Mutation Khatian No-4315, BS Plot No. 768, 770, 7648, 8697, 4996, 4997 JL. No. 58	85.82	6,007,400
4	Chattogram	Banshkhali	Gondamara	4316	B.S Mutation Khatian No-4316, BS Plot No. 5120, 5118, 5120, 7869, 4919 JL. No. 58	67.73	4,741,100
5	Chattogram	Banshkhali	Gondamara	4326	B.S Mutation Khatian No- 4326, BS Plot No. 4997, 4996, 5060, 4996, 4997, 4996 JL. No. 58	81.45	5,701,500
6	Chattogram	Banshkhali	Gondamara	4307	B.S Mutation Khatian No-4307, BS Plot No. 4591, 4573, 4642, 4697, 4649, 4643 JL. No. 58	174.61	12,222,700
7	Chattogram	Banshkhali	Gondamara	4304	B.S Mutation Khatian No-4304, BS Plot No. 8075, 8117, 8107, 4642, 4540, 4541 JL. No. 58	57.31	4,011,700
8	Chattogram	Banshkhali	Gondamara	4305	B.S. Mutation Khatian No- 4305, BS Plot No. 5000, 4541, 4540, 4543, 5006, 4996, 5001, 5009	75.33	5,273,100
9	Chattogram	Banshkhali	Gondamara	4321	B.S Mutation Khatian No-4321, BS Plot No. 4596, 4997, 4993, 4883, 4909, 4911, 4912 JL. No. 58	62.89	4,402,300
10	Chattogram	Banshkhali	Gondamara	4319	B.S Mutation Khatian No-4319, BS Plot No. 5000, 4996, 5001, 4997, 5004, 5003, 8034, 8216 JL. No. 58	87.97	6,157,900
11	Chattogram	Banshkhali	Gondamara	4318	B.S Mutation Khatian No-4318, BS Plot No. 4617, 4618, 4989, 7760 JL. No. 58	35.14	2,459,800
12	Chattogram	Banshkhali	Gondamara	4313	B.S Mutation Khatian No-4313, BS Plot No. 5112, 4630, 5112, 4630	222.98	15,608,600
13	Chattogram	Banshkhali	Gondamara	4317	B.S Mutation Khatian No-4317, BS Plot No. 5028, 5120, 5015, 4996, 4997, 4992, 4922 JL. No. 58	142.43	9,970,100
14	Chattogram	Banshkhali	Gondamara	4310	B.S Mutation Khatian No-4310, BS Plot No. 7881, 7977, 7843, 7889, 7850, 7856, 7853, 7867	79.46	5,562,200
15	Chattogram	Banshkhali	Gondamara	4322	B.S Mutation Khatian No-4322, BS Plot No. 7881, 7977, 5112, 5121, 5122	56.49	3,954,300
16	Chattogram	Banshkhali	Gondamara	4323	B.S Mutation Khatian No-4323, BS Plot No. 4996, 5027, 5028, 5040, 5139, 5120, 5138, 5026, 5027, 8024, 7886, 7890	123.25	8,627,500
17	Chattogram	Banshkhali	Gondamara	4306	B.S Mutation Khatian No-4306, BS Plot No. 4566,4574, 4573, 4575, 4576, 4624, 4554, 4556, 4574, 4575, 4576, 4580, 4581, 4582, 4585, 4586, 4642	208.12	14,568,400
18	Chattogram	Banshkhali	Gondamara	4326	B.S Mutation Khatian No-4326, BS Plot No. 4733, 4532, 4540, 4796, 7801, 4693, 4698,2032, 8059, 8053, 8052	99.32	6,952,400
19	Chattogram	Banshkhali	Gondamara	4320	B.S Mutation Khatian No-4320, BS Plot No. 4926, 4917, 4923, 8029, 8023	101.33	7,093,100
20	Chattogram	Banshkhali	Gondamara	4324	B.S Mutation Khatian No-4324, BS Plot No. 4919, 5073, 5040, 5072	114.93	8,045,100
21	Chattogram	Banshkhali	Gondamara	4325	B.S Mutation Khatian No-4325, BS Plot No. 4958, 4630, 5112	76.00	5,320,000
22	Chattogram	Banshkhali	Gondamara	4327	B.S Mutation Khatian No-4327, BS Plot No. 5015, 5118, 4992, 4918, 4916, 4923	32.67	2,286,900
23	Chattogram	Bandar	Goushdanga	1180	J.L. No. RS-17,BS-3, Khatian No. RS 6272, 6281, 2914, BS Plot No. 3384, 3385,3386, 3390 Dag No. R.S-2034, 2035, 2038, 2040	78.18	273,360,000
24	Cox'sbazar	Pekua	Pekua	1980 dated 26/07/2022	B.S Mutation Khatian No. 8186, BS Plot No. 12017	1.00	250,000
25	Cox'sbazar	Pekua	Pekua	8794	B.S Mutation Khatian No. 8794, BS Plot No. 12017	4.00	1,000,000
26	Cox'sbazar	Pekua	Pekua	8149	B.S Mutation Khatian No. 8149, BS Plot No. 12017	5.00	1,250,000
27	Cox'sbazar	Pekua	Pekua	2469	B.S Mutation Khatian No. 8145, BS Plot No. 12017	6.00	1,500,000
28	Cox'sbazar	Pekua	Meherunna	2159 dated 10/08/2022	B.S Mutation Khatian No. 3695, BS Plot No. 4769	2.00	500,000
29	Cox'sbazar	Pekua	Pekua	8146	B.S Mutation Khatian No. 8146, BS Plot No. 12017, 12022	3.00	750,000
30	Dhaka	Gulshan	Gulshan	66/55	78.88 Decimal at Plot- CWS(A), Gulshan & Sub registry office- Gulshan, under Dhaka Cokkoroy Tour (Dhaka), Mouza- 'Gulshan, R/A, Khatian No. Dhaka city jarip 11, Dag No. 4, Khatian No. Dhaka city jarip 3444, 3496 Plot No. 40, 07 Block #SEN (A), Road # 90, Gulshan, Dhaka	78.88	3,944,000,000
Schedule#D, (Properties owned by Blythe Limited and defendant no. 2, 5 & 12 named Maimuna Khanam, Belal Ahmed & Ahsanul Alam Respectively who Directors of Blythe Limited)
1	Dhaka	Dakshinkhan	Dakshinkhan	3843	City Jarip Khatian No. 5453 RS Plot No 4359 City Jarip Plot No-31104	6.12	19,800,000
2	Dhaka	Dakshinkhan	Dakshinkhan	3844	City Jarip Khatian No. 5905 RS Plot No 4359 City Jarip Plot No 31104,31106	69.25	105,875,000
3	Dhaka	Dakshinkhan	Dakshinkhan	3845	City Jarip Khatian No 3880 RS Plot No 4359 City Jarip Plot No 31330,31331	13.82	12,500,000
							137,505,000
AND, Schedule of LCs
Total 10 Transmitted LC Details (Total BDT 3,042,553,420 Eqv. to EUR 23,850,000)
1. LC No.0908822020001, Transmitted on 12/09/2023, LC Amount BDT 292,362,840 Eqv to EUR 2,385,000
2. LC No.0908822020002, Transmitted on 12/09/2023, LC Amount BDT 227,987,095 Eqv to EUR 2,385,000
3. LC No.0908822020003, Transmitted on 12/09/2023, LC Amount BDT 227,987,095 Eqv to EUR 2,385,000
4. LC No.0908822020004, Transmitted on 12/09/2023, LC Amount BDT 292,362,840 Eqv to EUR 2,385,000
5. LC No.0908822020005, Transmitted on 12/09/2023, LC Amount BDT 292,362,840 Eqv to EUR 2,385,000
6. LC No.0908822020006, Transmitted on 12/09/2023, LC Amount BDT 292,362,840 Eqv to EUR 2,385,000
7. LC No.0908822020007, Transmitted on 12/09/2023, LC Amount BDT 292,362,840 Eqv to EUR 2,385,000
8. LC No.0908822020008, Transmitted on 12/09/2023, LC Amount BDT 292,362,840 Eqv to EUR 2,385,000
9. LC No.0908822020009, Transmitted on 12/09/2023, LC Amount BDT 292,362,840 Eqv to EUR 2,385,000
10. LC No.0908822020011, Transmitted on 12/09/2023, LC Amount BDT 292,362,840 Eqv to EUR 2,385,000
স্বাঃ/-
(মোঃ হেলাল উদ্দীন)
জজ (যুগ্ম জেলা জজ)
অর্থঋণ আদালত নং-১, চট্টগ্রাম।
